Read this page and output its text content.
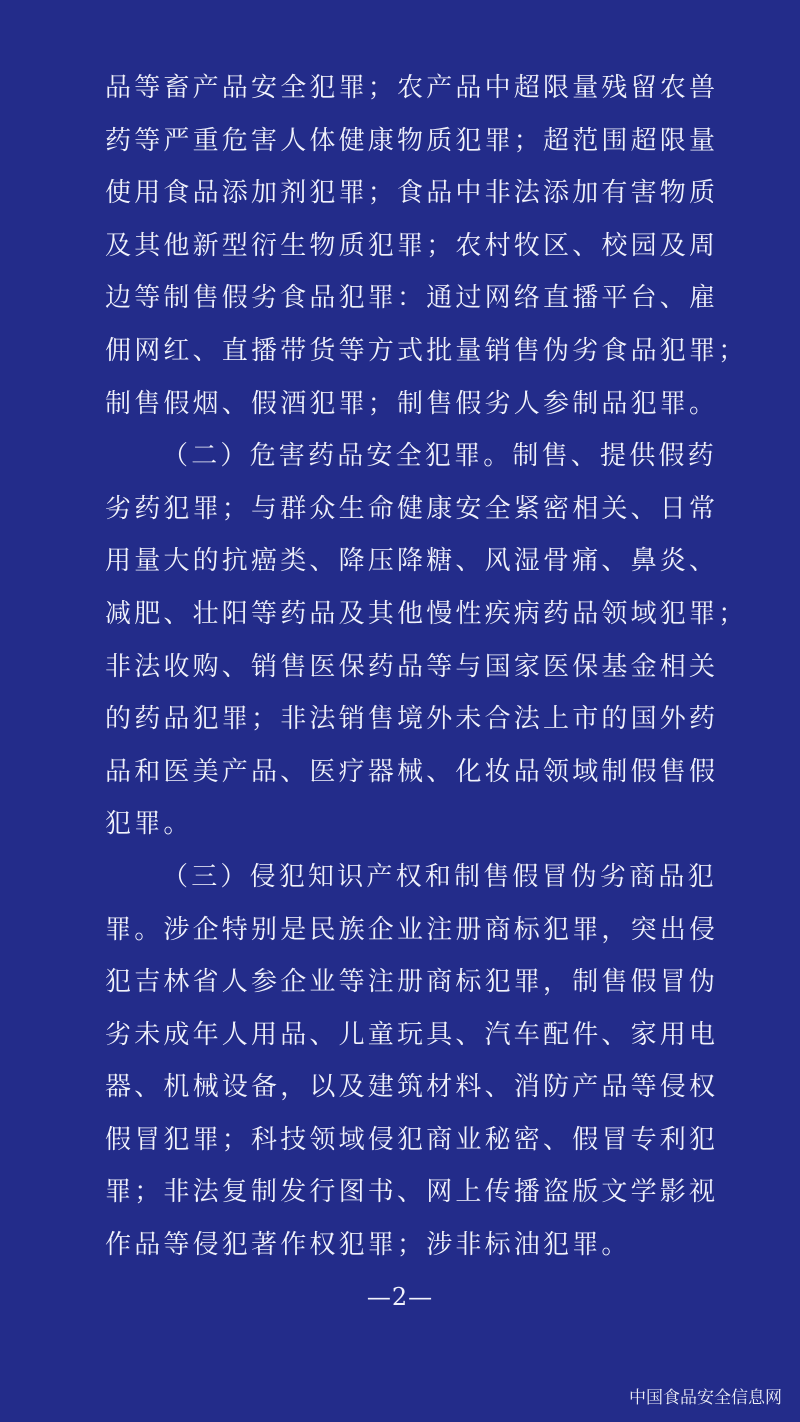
品等畜产品安全犯罪；农产品中超限量残留农兽
药等严重危害人体健康物质犯罪；超范围超限量
使用食品添加剂犯罪；食品中非法添加有害物质
及其他新型衍生物质犯罪；农村牧区、校园及周
边等制售假劣食品犯罪：通过网络直播平台、雇
佣网红、直播带货等方式批量销售伪劣食品犯罪；
制售假烟、假酒犯罪；制售假劣人参制品犯罪。
（二）危害药品安全犯罪。制售、提供假药
劣药犯罪；与群众生命健康安全紧密相关、日常
用量大的抗癌类、降压降糖、风湿骨痛、鼻炎、
减肥、壮阳等药品及其他慢性疾病药品领域犯罪；
非法收购、销售医保药品等与国家医保基金相关
的药品犯罪；非法销售境外未合法上市的国外药
品和医美产品、医疗器械、化妆品领域制假售假
犯罪。
（三）侵犯知识产权和制售假冒伪劣商品犯
罪。涉企特别是民族企业注册商标犯罪，突出侵
犯吉林省人参企业等注册商标犯罪，制售假冒伪
劣未成年人用品、儿童玩具、汽车配件、家用电
器、机械设备，以及建筑材料、消防产品等侵权
假冒犯罪；科技领域侵犯商业秘密、假冒专利犯
罪；非法复制发行图书、网上传播盗版文学影视
作品等侵犯著作权犯罪；涉非标油犯罪。
—2—
中国食品安全信息网
